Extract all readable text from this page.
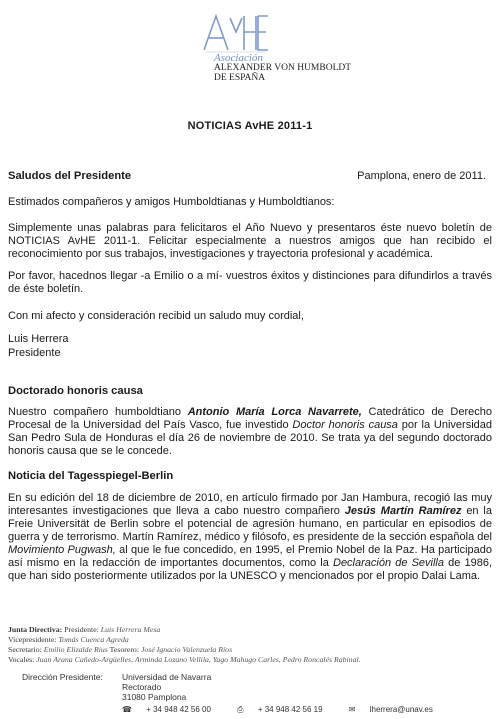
Asociación
ALEXANDER VON HUMBOLDT
DE ESPAÑA
NOTICIAS AvHE 2011-1
Saludos del Presidente	Pamplona, enero de 2011.
Estimados compañeros y amigos Humboldtianas y Humboldtianos:
Simplemente unas palabras para felicitaros el Año Nuevo y presentaros éste nuevo boletín de NOTICIAS AvHE 2011-1. Felicitar especialmente a nuestros amigos que han recibido el reconocimiento por sus trabajos, investigaciones y trayectoria profesional y académica.
Por favor, hacednos llegar -a Emilio o a mí- vuestros éxitos y distinciones para difundirlos a través de éste boletín.
Con mi afecto y consideración recibid un saludo muy cordial,
Luis Herrera
Presidente
Doctorado honoris causa
Nuestro compañero humboldtiano Antonio María Lorca Navarrete, Catedrático de Derecho Procesal de la Universidad del País Vasco, fue investido Doctor honoris causa por la Universidad San Pedro Sula de Honduras el día 26 de noviembre de 2010. Se trata ya del segundo doctorado honoris causa que se le concede.
Noticia del Tagesspiegel-Berlin
En su edición del 18 de diciembre de 2010, en artículo firmado por Jan Hambura, recogió las muy interesantes investigaciones que lleva a cabo nuestro compañero Jesús Martín Ramírez en la Freie Universität de Berlin sobre el potencial de agresión humano, en particular en episodios de guerra y de terrorismo. Martín Ramírez, médico y filósofo, es presidente de la sección española del Movimiento Pugwash, al que le fue concedido, en 1995, el Premio Nobel de la Paz. Ha participado así mismo en la redacción de importantes documentos, como la Declaración de Sevilla de 1986, que han sido posteriormente utilizados por la UNESCO y mencionados por el propio Dalai Lama.
Junta Directiva: Presidente: Luis Herrera Mesa
Vicepresidente: Tomás Cuenca Agreda
Secretario: Emilio Elizalde Rius Tesorero: José Ignacio Valenzuela Ríos
Vocales: Juan Arana Cañedo-Argüelles, Arminda Lozano Vellila, Yago Mahugo Carles, Pedro Roncalés Rabinal.
Dirección Presidente: Universidad de Navarra
Rectorado
31080 Pamplona
☎ + 34 948 42 56 00	⎙ + 34 948 42 56 19	✉ lherrera@unav.es
